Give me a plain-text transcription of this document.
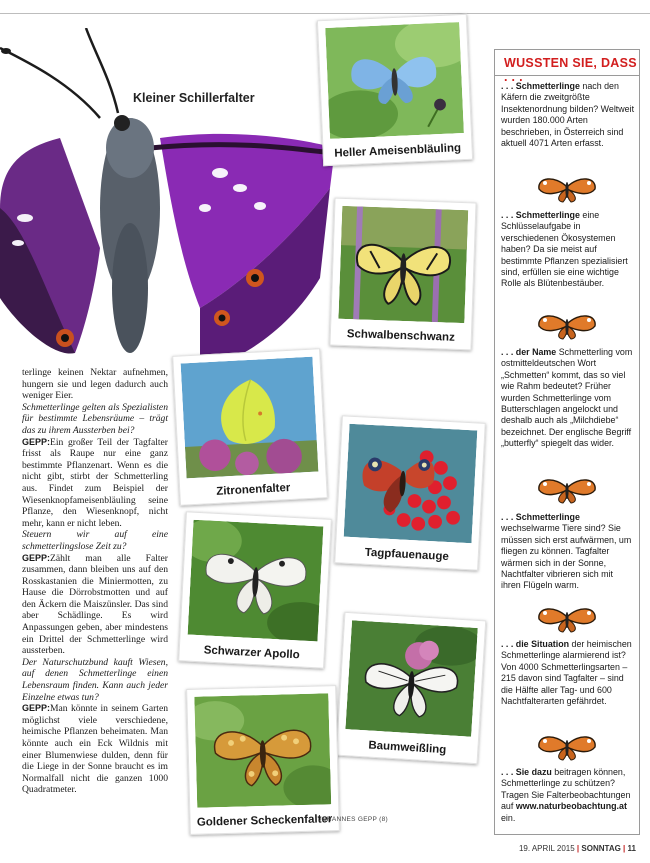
Kleiner Schillerfalter
Heller Ameisenbläuling
Schwalbenschwanz
Zitronenfalter
Tagpfauenauge
Schwarzer Apollo
Baumweißling
Goldener Scheckenfalter

terlinge keinen Nektar aufnehmen, hungern sie und legen dadurch auch weniger Eier.

Schmetterlinge gelten als Spezialisten für bestimmte Lebensräume – trägt das zu ihrem Aussterben bei?

GEPP:Ein großer Teil der Tagfalter frisst als Raupe nur eine ganz bestimmte Pflanzenart. Wenn es die nicht gibt, stirbt der Schmetterling aus. Findet zum Beispiel der Wiesenknopfameisenbläuling seine Pflanze, den Wiesenknopf, nicht mehr, kann er nicht leben.

Steuern wir auf eine schmetterlingslose Zeit zu?

GEPP:Zählt man alle Falter zusammen, dann bleiben uns auf den Rosskastanien die Miniermotten, zu Hause die Dörrobstmotten und auf den Äckern die Maiszünsler. Das sind aber Schädlinge. Es wird Anpassungen geben, aber mindestens ein Drittel der Schmetterlinge wird aussterben.

Der Naturschutzbund kauft Wiesen, auf denen Schmetterlinge einen Lebensraum finden. Kann auch jeder Einzelne etwas tun?

GEPP:Man könnte in seinem Garten möglichst viele verschiedene, heimische Pflanzen beheimaten. Man könnte auch ein Eck Wildnis mit einer Blumenwiese dulden, denn für die Liege in der Sonne braucht es im Normalfall nicht die ganzen 1000 Quadratmeter.

JOHANNES GEPP (8)
WUSSTEN SIE, DASS . . .
. . . Schmetterlinge nach den Käfern die zweitgrößte Insektenordnung bilden? Weltweit wurden 180.000 Arten beschrieben, in Österreich sind aktuell 4071 Arten erfasst.
. . . Schmetterlinge eine Schlüsselaufgabe in verschiedenen Ökosystemen haben? Da sie meist auf bestimmte Pflanzen spezialisiert sind, erfüllen sie eine wichtige Rolle als Blütenbestäuber.
. . . der Name Schmetterling vom ostmitteldeutschen Wort „Schmetten“ kommt, das so viel wie Rahm bedeutet? Früher wurden Schmetterlinge vom Butterschlagen angelockt und deshalb auch als „Milchdiebe“ bezeichnet. Der englische Begriff „butterfly“ spiegelt das wider.
. . . Schmetterlinge wechselwarme Tiere sind? Sie müssen sich erst aufwärmen, um fliegen zu können. Tagfalter wärmen sich in der Sonne, Nachtfalter vibrieren sich mit ihren Flügeln warm.
. . . die Situation der heimischen Schmetterlinge alarmierend ist? Von 4000 Schmetterlingsarten – 215 davon sind Tagfalter – sind die Hälfte aller Tag- und 600 Nachtfalterarten gefährdet.
. . . Sie dazu beitragen können, Schmetterlinge zu schützen? Tragen Sie Falterbeobachtungen auf www.naturbeobachtung.at ein.
19. APRIL 2015 | SONNTAG | 11
